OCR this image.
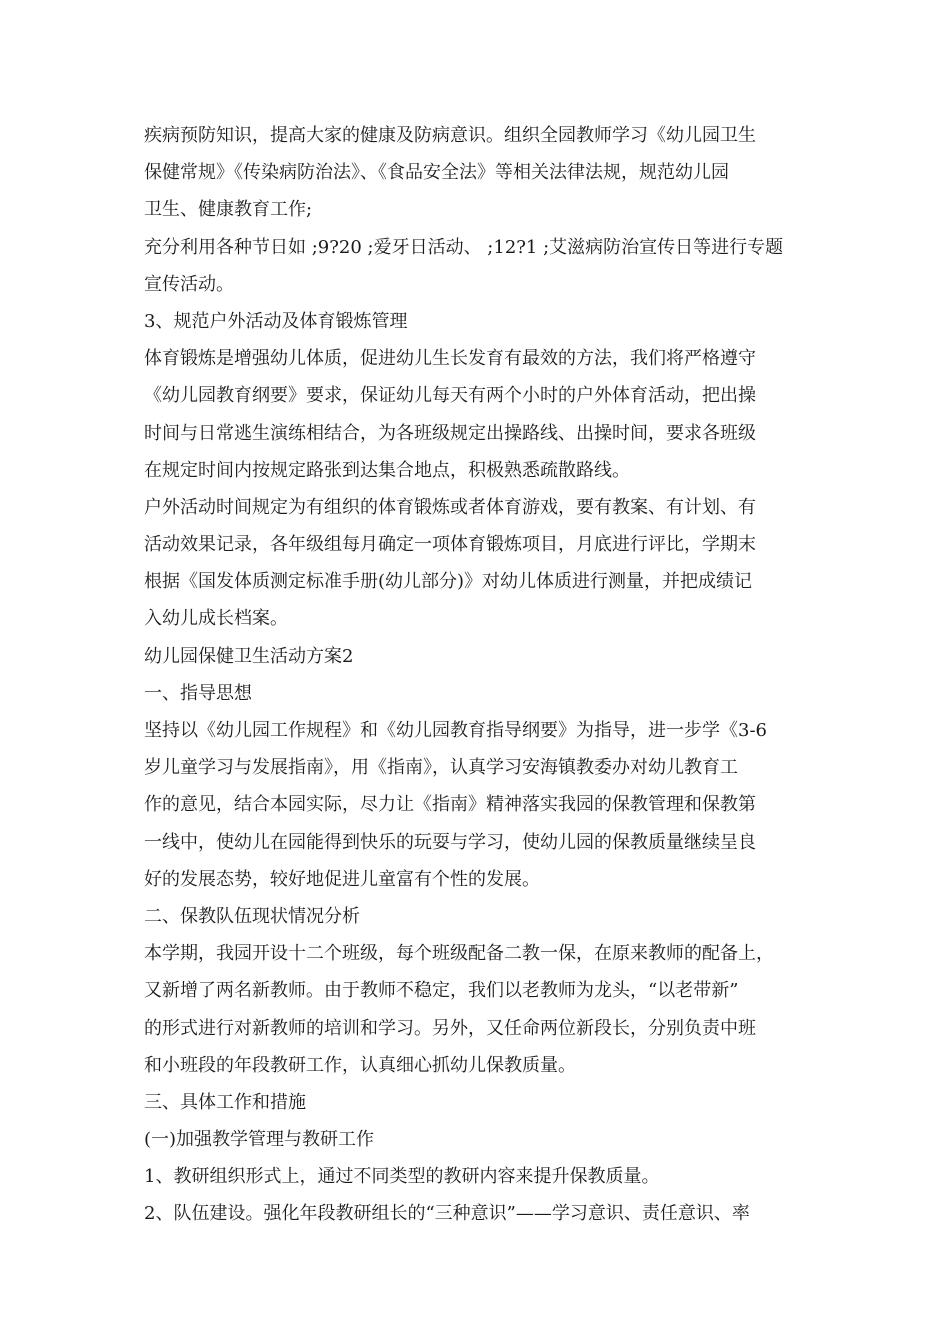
疾病预防知识，提高大家的健康及防病意识。组织全园教师学习《幼儿园卫生
保健常规》《传染病防治法》、《食品安全法》等相关法律法规，规范幼儿园
卫生、健康教育工作;
充分利用各种节日如 ;9?20 ;爱牙日活动、 ;12?1 ;艾滋病防治宣传日等进行专题
宣传活动。
3、规范户外活动及体育锻炼管理
体育锻炼是增强幼儿体质，促进幼儿生长发育有最效的方法，我们将严格遵守
《幼儿园教育纲要》要求，保证幼儿每天有两个小时的户外体育活动，把出操
时间与日常逃生演练相结合，为各班级规定出操路线、出操时间，要求各班级
在规定时间内按规定路张到达集合地点，积极熟悉疏散路线。
户外活动时间规定为有组织的体育锻炼或者体育游戏，要有教案、有计划、有
活动效果记录，各年级组每月确定一项体育锻炼项目，月底进行评比，学期末
根据《国发体质测定标准手册(幼儿部分)》对幼儿体质进行测量，并把成绩记
入幼儿成长档案。
幼儿园保健卫生活动方案2
一、指导思想
坚持以《幼儿园工作规程》和《幼儿园教育指导纲要》为指导，进一步学《3-6
岁儿童学习与发展指南》，用《指南》，认真学习安海镇教委办对幼儿教育工
作的意见，结合本园实际，尽力让《指南》精神落实我园的保教管理和保教第
一线中，使幼儿在园能得到快乐的玩耍与学习，使幼儿园的保教质量继续呈良
好的发展态势，较好地促进儿童富有个性的发展。
二、保教队伍现状情况分析
本学期，我园开设十二个班级，每个班级配备二教一保，在原来教师的配备上，
又新增了两名新教师。由于教师不稳定，我们以老教师为龙头，“以老带新”
的形式进行对新教师的培训和学习。另外，又任命两位新段长，分别负责中班
和小班段的年段教研工作，认真细心抓幼儿保教质量。
三、具体工作和措施
(一)加强教学管理与教研工作
1、教研组织形式上，通过不同类型的教研内容来提升保教质量。
2、队伍建设。强化年段教研组长的“三种意识”——学习意识、责任意识、率
